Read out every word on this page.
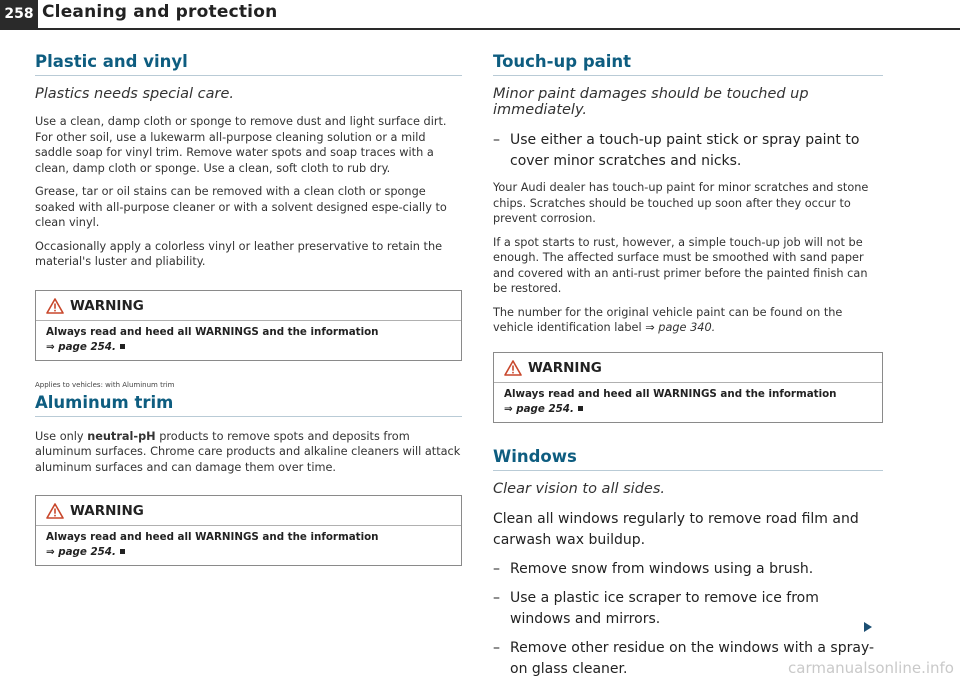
258 Cleaning and protection
Plastic and vinyl
Plastics needs special care.

Use a clean, damp cloth or sponge to remove dust and light surface dirt. For other soil, use a lukewarm all-purpose cleaning solution or a mild saddle soap for vinyl trim. Remove water spots and soap traces with a clean, damp cloth or sponge. Use a clean, soft cloth to rub dry.

Grease, tar or oil stains can be removed with a clean cloth or sponge soaked with all-purpose cleaner or with a solvent designed espe-cially to clean vinyl.

Occasionally apply a colorless vinyl or leather preservative to retain the material's luster and pliability.

WARNING
Always read and heed all WARNINGS and the information
⇒ page 254.
Applies to vehicles: with Aluminum trim
Aluminum trim

Use only neutral-pH products to remove spots and deposits from aluminum surfaces. Chrome care products and alkaline cleaners will attack aluminum surfaces and can damage them over time.

WARNING
Always read and heed all WARNINGS and the information
⇒ page 254.
Touch-up paint
Minor paint damages should be touched up immediately.
– Use either a touch-up paint stick or spray paint to cover minor scratches and nicks.

Your Audi dealer has touch-up paint for minor scratches and stone chips. Scratches should be touched up soon after they occur to prevent corrosion.

If a spot starts to rust, however, a simple touch-up job will not be enough. The affected surface must be smoothed with sand paper and covered with an anti-rust primer before the painted finish can be restored.

The number for the original vehicle paint can be found on the vehicle identification label ⇒ page 340.

WARNING
Always read and heed all WARNINGS and the information
⇒ page 254.
Windows
Clear vision to all sides.

Clean all windows regularly to remove road film and carwash wax buildup.

– Remove snow from windows using a brush.
– Use a plastic ice scraper to remove ice from windows and mirrors.
– Remove other residue on the windows with a spray-on glass cleaner.	carmanualsonline.info
